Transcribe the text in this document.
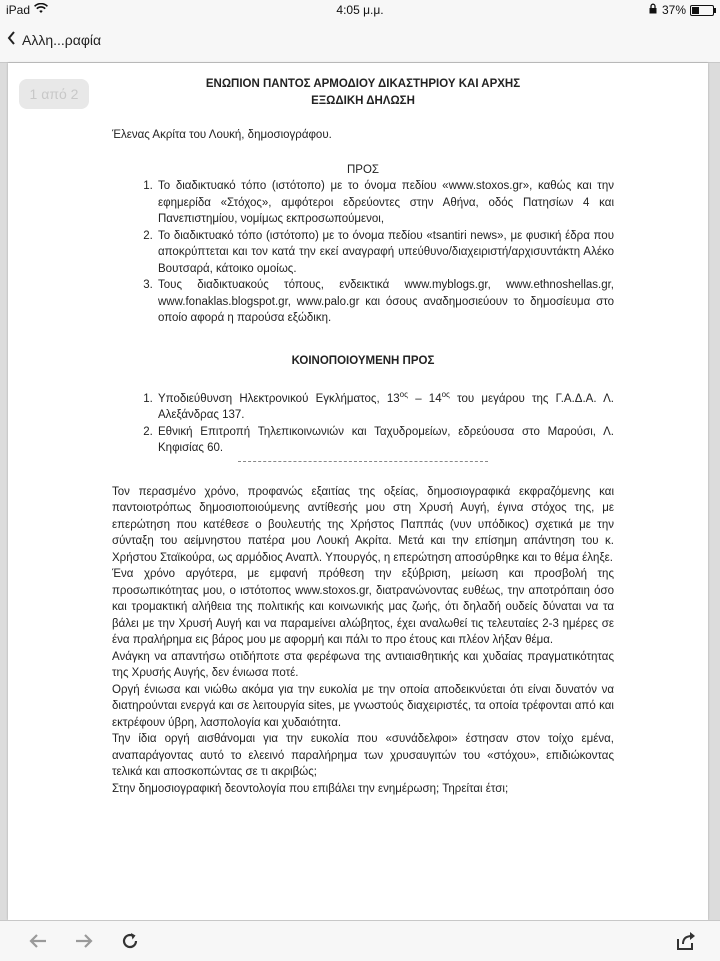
iPad	4:05 μ.μ.	37%
Αλλη...ραφία
ΕΝΩΠΙΟΝ ΠΑΝΤΟΣ ΑΡΜΟΔΙΟΥ ΔΙΚΑΣΤΗΡΙΟΥ ΚΑΙ ΑΡΧΗΣ
ΕΞΩΔΙΚΗ ΔΗΛΩΣΗ

Έλενας Ακρίτα του Λουκή, δημοσιογράφου.

ΠΡΟΣ
1. Το διαδικτυακό τόπο (ιστότοπο) με το όνομα πεδίου «www.stoxos.gr», καθώς και την εφημερίδα «Στόχος», αμφότεροι εδρεύοντες στην Αθήνα, οδός Πατησίων 4 και Πανεπιστημίου, νομίμως εκπροσωπούμενοι,
2. Το διαδικτυακό τόπο (ιστότοπο) με το όνομα πεδίου «tsantiri news», με φυσική έδρα που αποκρύπτεται και τον κατά την εκεί αναγραφή υπεύθυνο/διαχειριστή/αρχισυντάκτη Αλέκο Βουτσαρά, κάτοικο ομοίως.
3. Τους διαδικτυακούς τόπους, ενδεικτικά www.myblogs.gr, www.ethnoshellas.gr, www.fonaklas.blogspot.gr, www.palo.gr και όσους αναδημοσιεύουν το δημοσίευμα στο οποίο αφορά η παρούσα εξώδικη.
ΚΟΙΝΟΠΟΙΟΥΜΕΝΗ ΠΡΟΣ
1. Υποδιεύθυνση Ηλεκτρονικού Εγκλήματος, $13^{o\varsigma} - 14^{o\varsigma}$ του μεγάρου της Γ.Α.Δ.Α. Λ. Αλεξάνδρας 137.
2. Εθνική Επιτροπή Τηλεπικοινωνιών και Ταχυδρομείων, εδρεύουσα στο Μαρούσι, Λ. Κηφισίας 60.

Τον περασμένο χρόνο, προφανώς εξαιτίας της οξείας, δημοσιογραφικά εκφραζόμενης και παντοιοτρόπως δημοσιοποιούμενης αντίθεσής μου στη Χρυσή Αυγή, έγινα στόχος της, με επερώτηση που κατέθεσε ο βουλευτής της Χρήστος Παππάς (νυν υπόδικος) σχετικά με την σύνταξη του αείμνηστου πατέρα μου Λουκή Ακρίτα. Μετά και την επίσημη απάντηση του κ. Χρήστου Σταϊκούρα, ως αρμόδιος Αναπλ. Υπουργός, η επερώτηση αποσύρθηκε και το θέμα έληξε.

Ένα χρόνο αργότερα, με εμφανή πρόθεση την εξύβριση, μείωση και προσβολή της προσωπικότητας μου, ο ιστότοπος www.stoxos.gr, διατρανώνοντας ευθέως, την αποτρόπαιη όσο και τρομακτική αλήθεια της πολιτικής και κοινωνικής μας ζωής, ότι δηλαδή ουδείς δύναται να τα βάλει με την Χρυσή Αυγή και να παραμείνει αλώβητος, έχει αναλωθεί τις τελευταίες 2-3 ημέρες σε ένα πραλήρημα εις βάρος μου με αφορμή και πάλι το προ έτους και πλέον λήξαν θέμα.

Ανάγκη να απαντήσω οτιδήποτε στα φερέφωνα της αντιαισθητικής και χυδαίας πραγματικότητας της Χρυσής Αυγής, δεν ένιωσα ποτέ.

Οργή ένιωσα και νιώθω ακόμα για την ευκολία με την οποία αποδεικνύεται ότι είναι δυνατόν να διατηρούνται ενεργά και σε λειτουργία sites, με γνωστούς διαχειριστές, τα οποία τρέφονται από και εκτρέφουν ύβρη, λασπολογία και χυδαιότητα.

Την ίδια οργή αισθάνομαι για την ευκολία που «συνάδελφοι» έστησαν στον τοίχο εμένα, αναπαράγοντας αυτό το ελεεινό παραλήρημα των χρυσαυγιτών του «στόχου», επιδιώκοντας τελικά και αποσκοπώντας σε τι ακριβώς;

Στην δημοσιογραφική δεοντολογία που επιβάλει την ενημέρωση; Τηρείται έτσι;

1 από 2
